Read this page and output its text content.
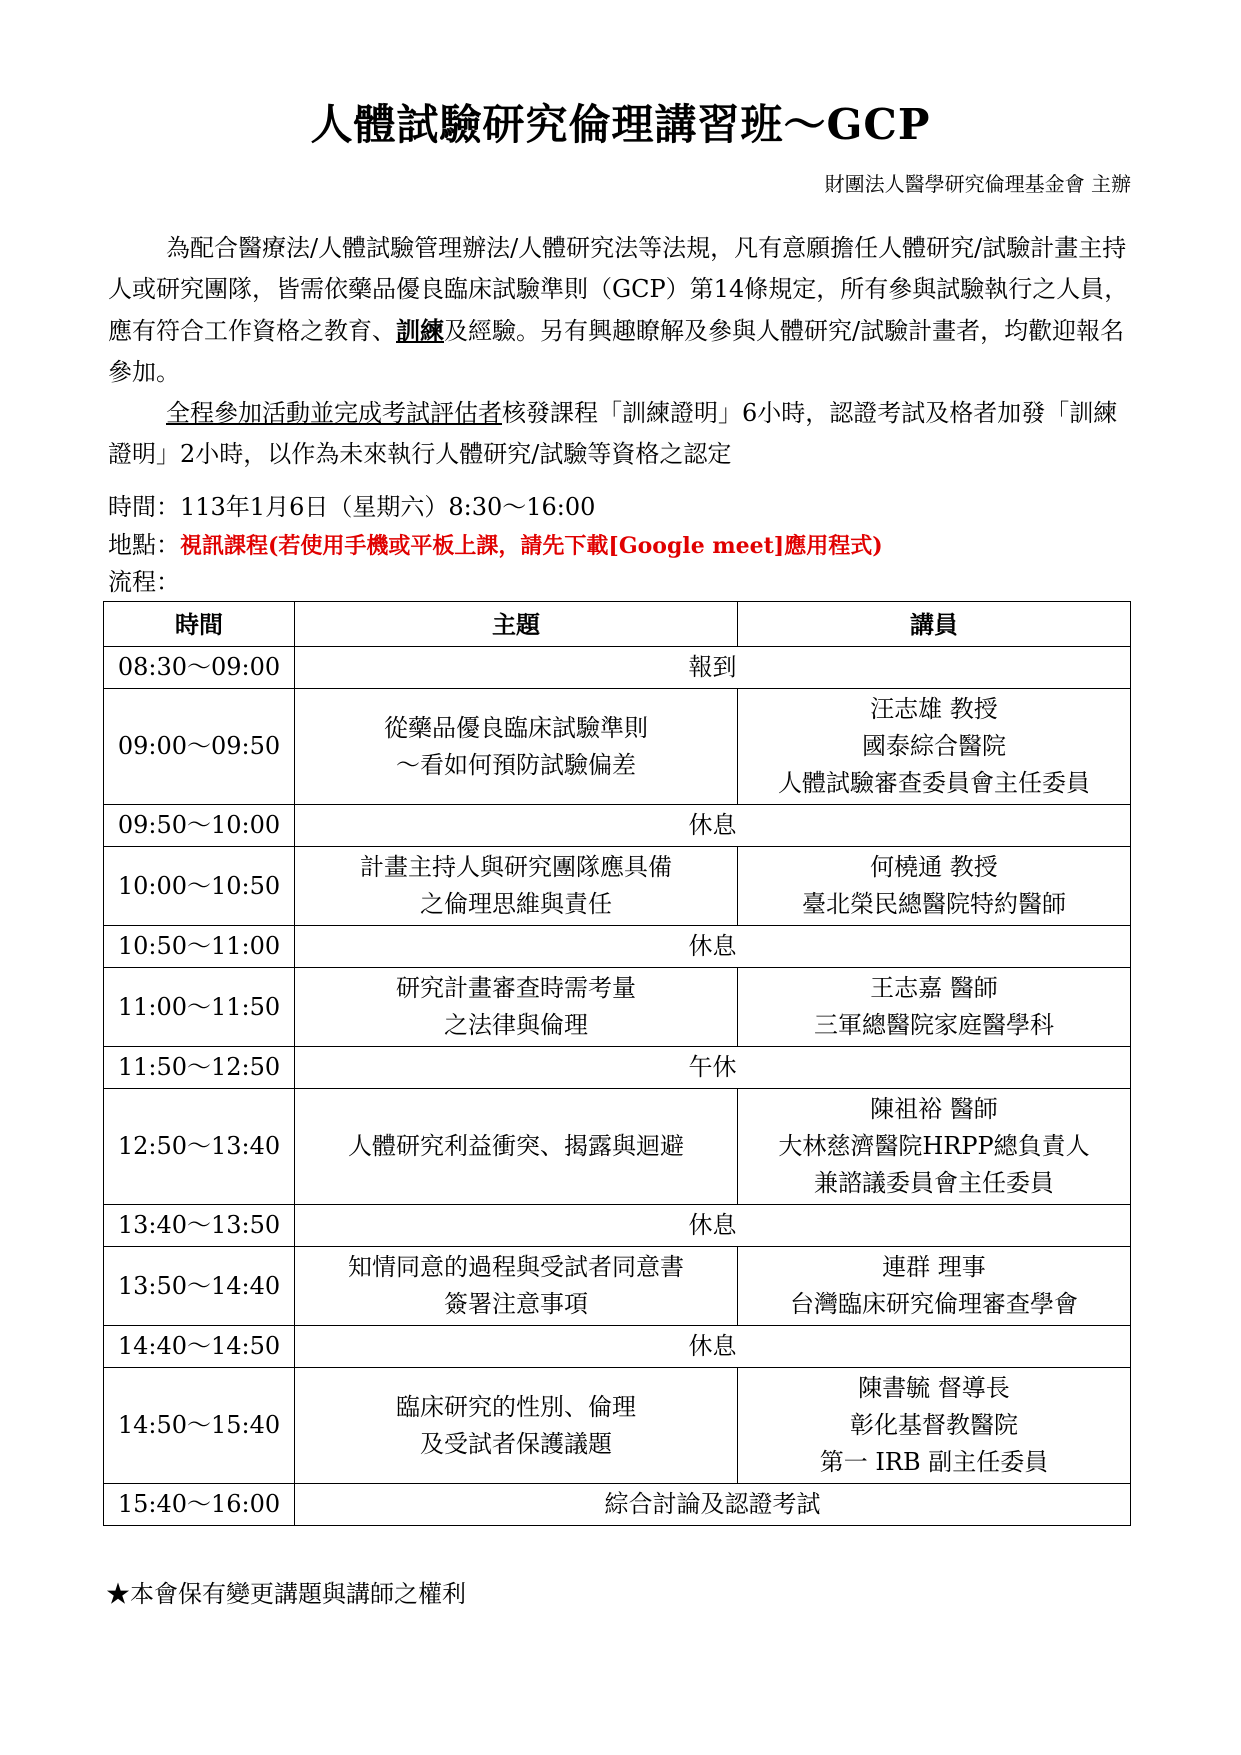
人體試驗研究倫理講習班～GCP
財團法人醫學研究倫理基金會 主辦

為配合醫療法/人體試驗管理辦法/人體研究法等法規，凡有意願擔任人體研究/試驗計畫主持人或研究團隊，皆需依藥品優良臨床試驗準則（GCP）第14條規定，所有參與試驗執行之人員，應有符合工作資格之教育、訓練及經驗。另有興趣瞭解及參與人體研究/試驗計畫者，均歡迎報名參加。

全程參加活動並完成考試評估者核發課程「訓練證明」6小時，認證考試及格者加發「訓練證明」2小時，以作為未來執行人體研究/試驗等資格之認定

時間：113年1月6日（星期六）8:30～16:00
地點：視訊課程(若使用手機或平板上課，請先下載[Google meet]應用程式)
流程：
時間	主題	講員
08:30～09:00	報到	
09:00～09:50	從藥品優良臨床試驗準則
～看如何預防試驗偏差	汪志雄 教授
國泰綜合醫院
人體試驗審查委員會主任委員

09:50～10:00	休息	
10:00～10:50	計畫主持人與研究團隊應具備
之倫理思維與責任	何橈通 教授
臺北榮民總醫院特約醫師

10:50～11:00	休息	
11:00～11:50	研究計畫審查時需考量
之法律與倫理	王志嘉 醫師
三軍總醫院家庭醫學科

11:50～12:50	午休	
12:50～13:40	人體研究利益衝突、揭露與迴避	陳祖裕 醫師
大林慈濟醫院HRPP總負責人
兼諮議委員會主任委員

13:40～13:50	休息	
13:50～14:40	知情同意的過程與受試者同意書
簽署注意事項	連群 理事
台灣臨床研究倫理審查學會

14:40～14:50	休息	
14:50～15:40	臨床研究的性別、倫理
及受試者保護議題	陳書毓 督導長
彰化基督教醫院
第一 IRB 副主任委員

15:40～16:00	綜合討論及認證考試	
★本會保有變更講題與講師之權利
